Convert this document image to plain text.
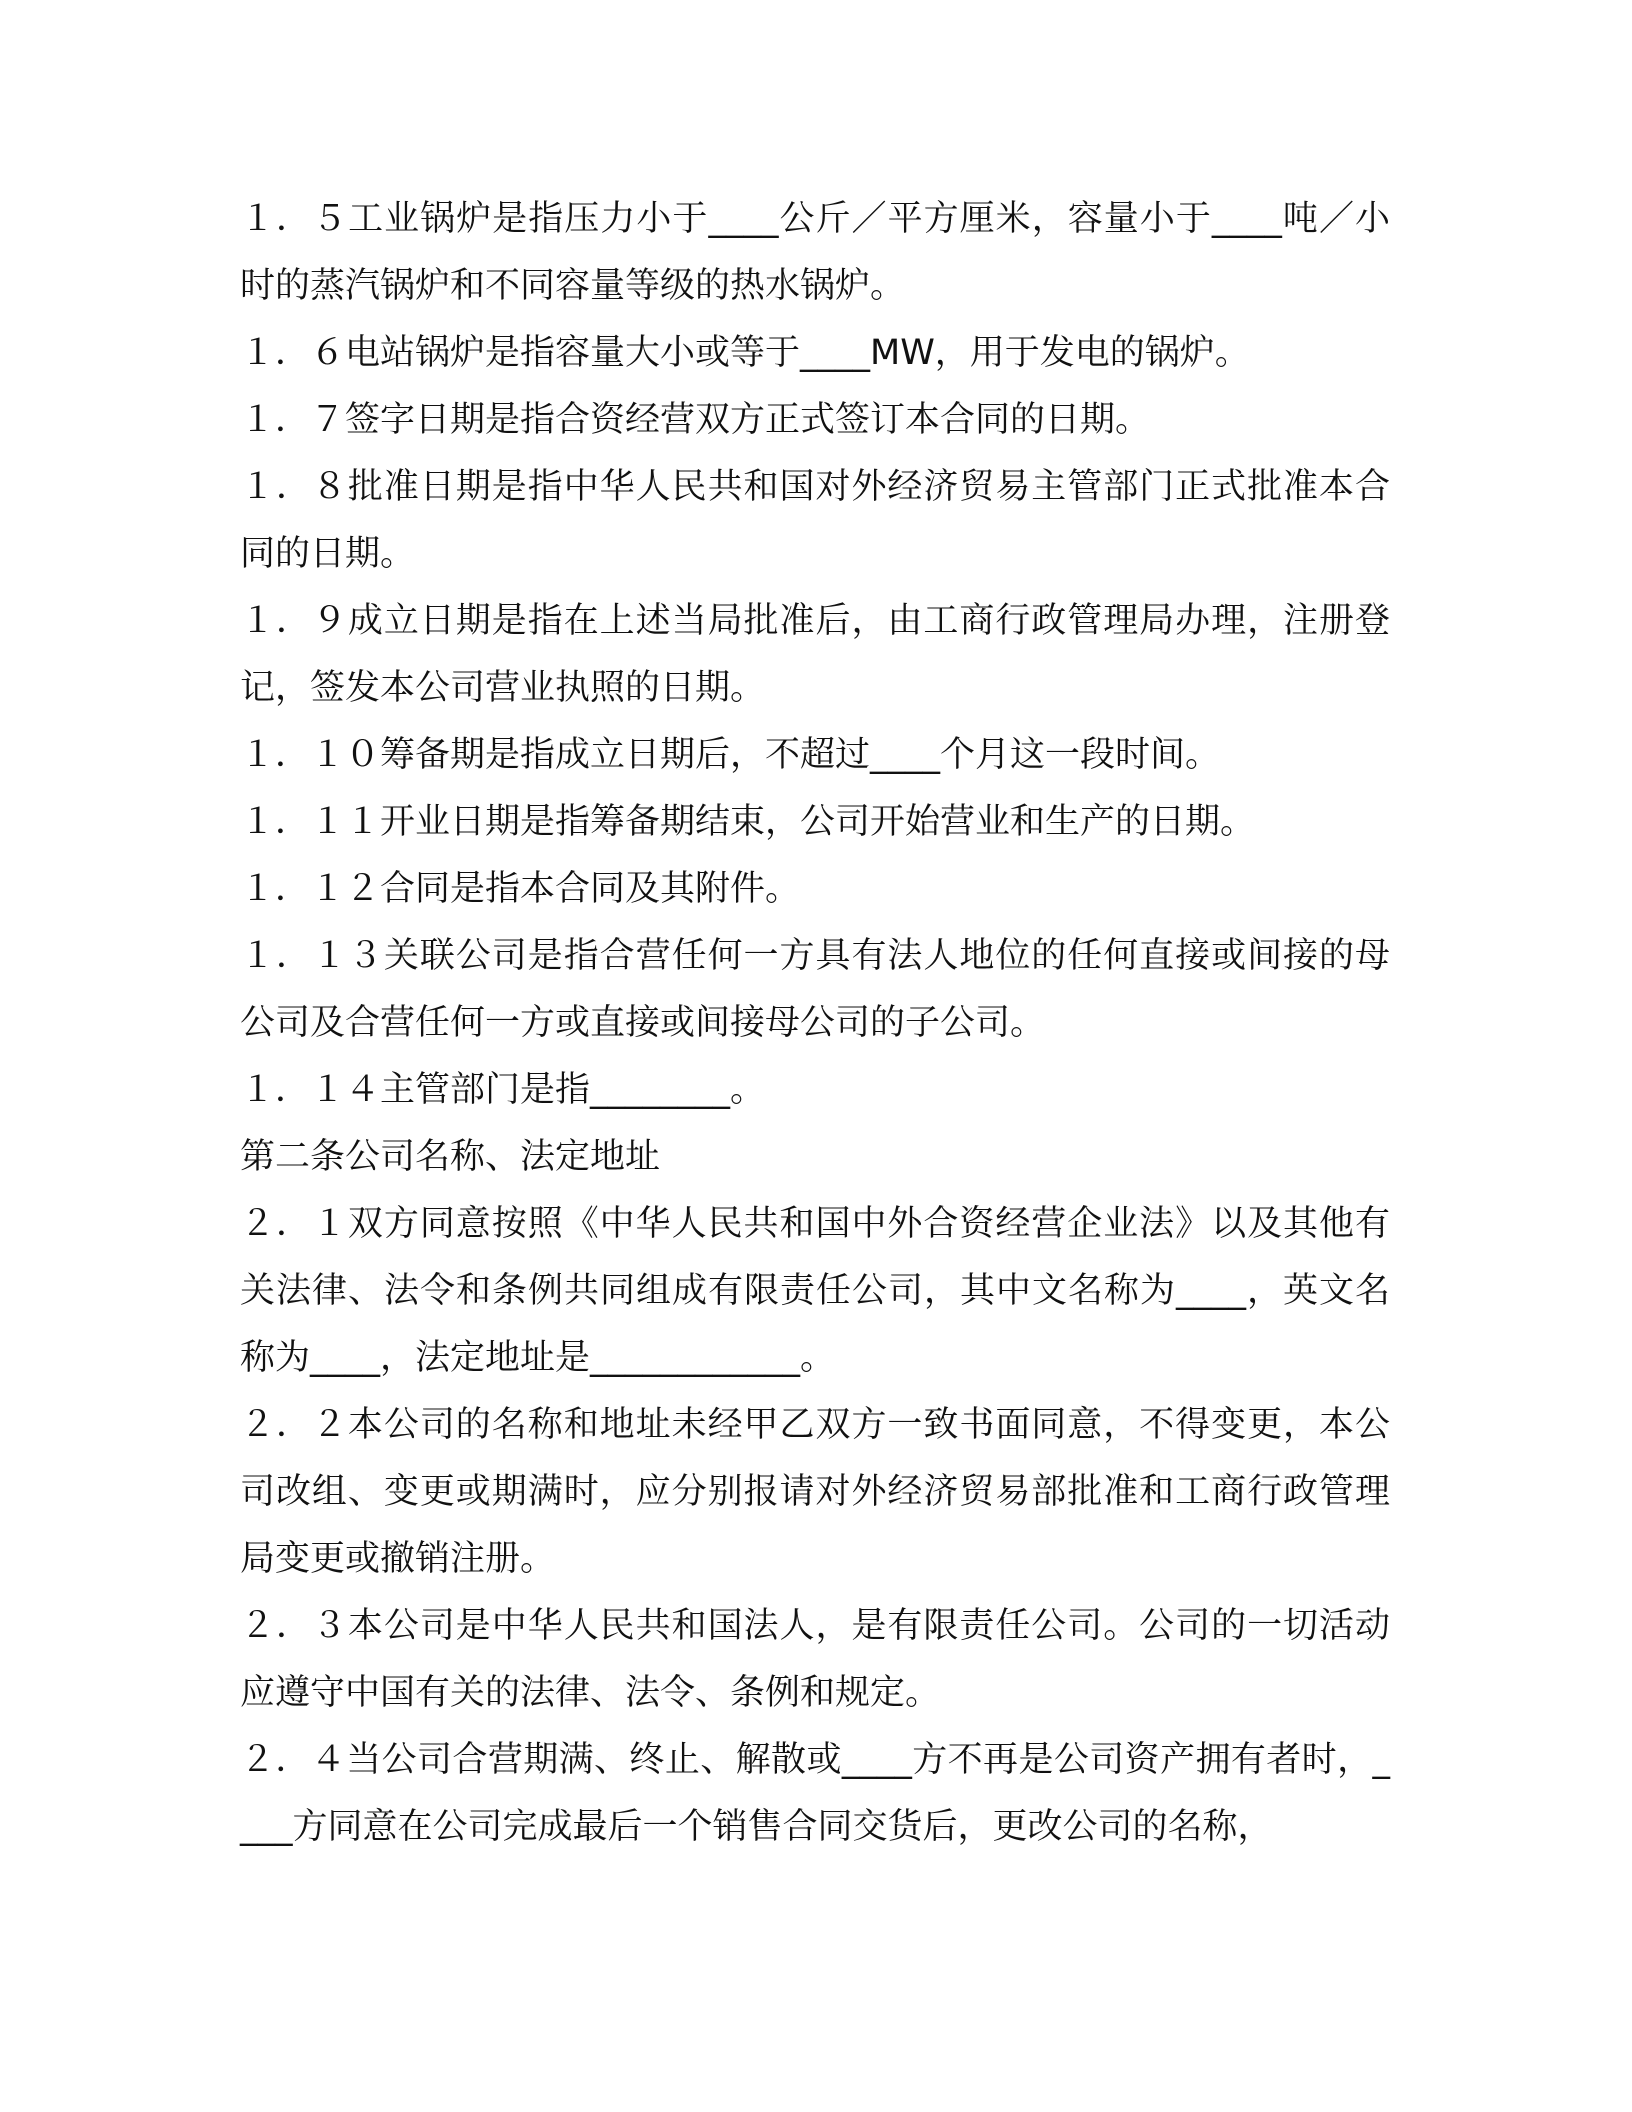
１．５工业锅炉是指压力小于____公斤／平方厘米，容量小于____吨／小时的蒸汽锅炉和不同容量等级的热水锅炉。

１．６电站锅炉是指容量大小或等于____MW，用于发电的锅炉。

１．７签字日期是指合资经营双方正式签订本合同的日期。

１．８批准日期是指中华人民共和国对外经济贸易主管部门正式批准本合同的日期。

１．９成立日期是指在上述当局批准后，由工商行政管理局办理，注册登记，签发本公司营业执照的日期。

１．１０筹备期是指成立日期后，不超过____个月这一段时间。

１．１１开业日期是指筹备期结束，公司开始营业和生产的日期。

１．１２合同是指本合同及其附件。

１．１３关联公司是指合营任何一方具有法人地位的任何直接或间接的母公司及合营任何一方或直接或间接母公司的子公司。

１．１４主管部门是指________。

第二条公司名称、法定地址

２．１双方同意按照《中华人民共和国中外合资经营企业法》以及其他有关法律、法令和条例共同组成有限责任公司，其中文名称为____，英文名称为____，法定地址是____________。

２．２本公司的名称和地址未经甲乙双方一致书面同意，不得变更，本公司改组、变更或期满时，应分别报请对外经济贸易部批准和工商行政管理局变更或撤销注册。

２．３本公司是中华人民共和国法人，是有限责任公司。公司的一切活动应遵守中国有关的法律、法令、条例和规定。

２．４当公司合营期满、终止、解散或____方不再是公司资产拥有者时，____方同意在公司完成最后一个销售合同交货后，更改公司的名称，
